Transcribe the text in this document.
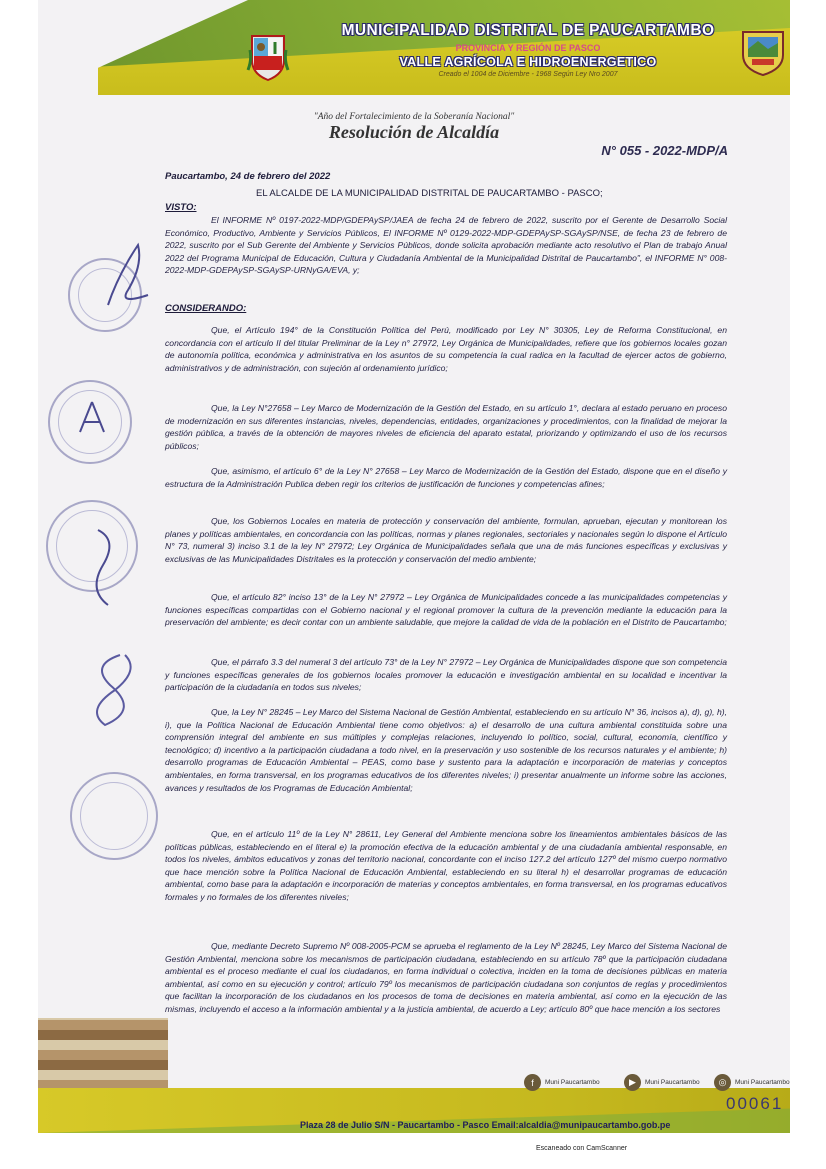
MUNICIPALIDAD DISTRITAL DE PAUCARTAMBO
PROVINCIA Y REGIÓN DE PASCO
VALLE AGRÍCOLA E HIDROENERGETICO
Creado el 1004 de Diciembre - 1968 Según Ley Nro 2007
"Año del Fortalecimiento de la Soberanía Nacional"
Resolución de Alcaldía
N° 055 - 2022-MDP/A
Paucartambo, 24 de febrero del 2022
EL ALCALDE DE LA MUNICIPALIDAD DISTRITAL DE PAUCARTAMBO - PASCO;
VISTO:
El INFORME Nº 0197-2022-MDP/GDEPAySP/JAEA de fecha 24 de febrero de 2022, suscrito por el Gerente de Desarrollo Social Económico, Productivo, Ambiente y Servicios Públicos, El INFORME Nº 0129-2022-MDP-GDEPAySP-SGAySP/NSE, de fecha 23 de febrero de 2022, suscrito por el Sub Gerente del Ambiente y Servicios Públicos, donde solicita aprobación mediante acto resolutivo el Plan de trabajo Anual 2022 del Programa Municipal de Educación, Cultura y Ciudadanía Ambiental de la Municipalidad Distrital de Paucartambo", el INFORME N° 008-2022-MDP-GDEPAySP-SGAySP-URNyGA/EVA, y;
CONSIDERANDO:
Que, el Artículo 194° de la Constitución Política del Perú, modificado por Ley N° 30305, Ley de Reforma Constitucional, en concordancia con el artículo II del titular Preliminar de la Ley n° 27972, Ley Orgánica de Municipalidades, refiere que los gobiernos locales gozan de autonomía política, económica y administrativa en los asuntos de su competencia la cual radica en la facultad de ejercer actos de gobierno, administrativos y de administración, con sujeción al ordenamiento jurídico;
Que, la Ley N°27658 – Ley Marco de Modernización de la Gestión del Estado, en su artículo 1°, declara al estado peruano en proceso de modernización en sus diferentes instancias, niveles, dependencias, entidades, organizaciones y procedimientos, con la finalidad de mejorar la gestión pública, a través de la obtención de mayores niveles de eficiencia del aparato estatal, priorizando y optimizando el uso de los recursos públicos;
Que, asimismo, el artículo 6° de la Ley N° 27658 – Ley Marco de Modernización de la Gestión del Estado, dispone que en el diseño y estructura de la Administración Publica deben regir los criterios de justificación de funciones y competencias afines;
Que, los Gobiernos Locales en materia de protección y conservación del ambiente, formulan, aprueban, ejecutan y monitorean los planes y políticas ambientales, en concordancia con las políticas, normas y planes regionales, sectoriales y nacionales según lo dispone el Artículo N° 73, numeral 3) inciso 3.1 de la ley N° 27972; Ley Orgánica de Municipalidades señala que una de más funciones específicas y exclusivas y exclusivas de las Municipalidades Distritales es la protección y conservación del medio ambiente;
Que, el artículo 82° inciso 13° de la Ley N° 27972 – Ley Orgánica de Municipalidades concede a las municipalidades competencias y funciones específicas compartidas con el Gobierno nacional y el regional promover la cultura de la prevención mediante la educación para la preservación del ambiente; es decir contar con un ambiente saludable, que mejore la calidad de vida de la población en el Distrito de Paucartambo;
Que, el párrafo 3.3 del numeral 3 del artículo 73° de la Ley N° 27972 – Ley Orgánica de Municipalidades dispone que son competencia y funciones específicas generales de los gobiernos locales promover la educación e investigación ambiental en su localidad e incentivar la participación de la ciudadanía en todos sus niveles;
Que, la Ley N° 28245 – Ley Marco del Sistema Nacional de Gestión Ambiental, estableciendo en su artículo N° 36, incisos a), d), g), h), i), que la Política Nacional de Educación Ambiental tiene como objetivos: a) el desarrollo de una cultura ambiental constituida sobre una comprensión integral del ambiente en sus múltiples y complejas relaciones, incluyendo lo político, social, cultural, economía, científico y tecnológico; d) incentivo a la participación ciudadana a todo nivel, en la preservación y uso sostenible de los recursos naturales y el ambiente; h) desarrollo programas de Educación Ambiental – PEAS, como base y sustento para la adaptación e incorporación de materias y conceptos ambientales, en forma transversal, en los programas educativos de los diferentes niveles; i) presentar anualmente un informe sobre las acciones, avances y resultados de los Programas de Educación Ambiental;
Que, en el artículo 11º de la Ley N° 28611, Ley General del Ambiente menciona sobre los lineamientos ambientales básicos de las políticas públicas, estableciendo en el literal e) la promoción efectiva de la educación ambiental y de una ciudadanía ambiental responsable, en todos los niveles, ámbitos educativos y zonas del territorio nacional, concordante con el inciso 127.2 del artículo 127º del mismo cuerpo normativo que hace mención sobre la Política Nacional de Educación Ambiental, estableciendo en su literal h) el desarrollar programas de educación ambiental, como base para la adaptación e incorporación de materias y conceptos ambientales, en forma transversal, en los programas educativos formales y no formales de los diferentes niveles;
Que, mediante Decreto Supremo Nº 008-2005-PCM se aprueba el reglamento de la Ley Nº 28245, Ley Marco del Sistema Nacional de Gestión Ambiental, menciona sobre los mecanismos de participación ciudadana, estableciendo en su artículo 78º que la participación ciudadana ambiental es el proceso mediante el cual los ciudadanos, en forma individual o colectiva, inciden en la toma de decisiones públicas en materia ambiental, así como en su ejecución y control; artículo 79º los mecanismos de participación ciudadana son conjuntos de reglas y procedimientos que facilitan la incorporación de los ciudadanos en los procesos de toma de decisiones en materia ambiental, así como en la ejecución de las mismas, incluyendo el acceso a la información ambiental y a la justicia ambiental, de acuerdo a Ley; artículo 80º que hace mención a los sectores
f	Muni Paucartambo	▶	Muni Paucartambo	◎	Muni Paucartambo
00061
Plaza 28 de Julio S/N - Paucartambo - Pasco Email:alcaldia@munipaucartambo.gob.pe
Escaneado con CamScanner
